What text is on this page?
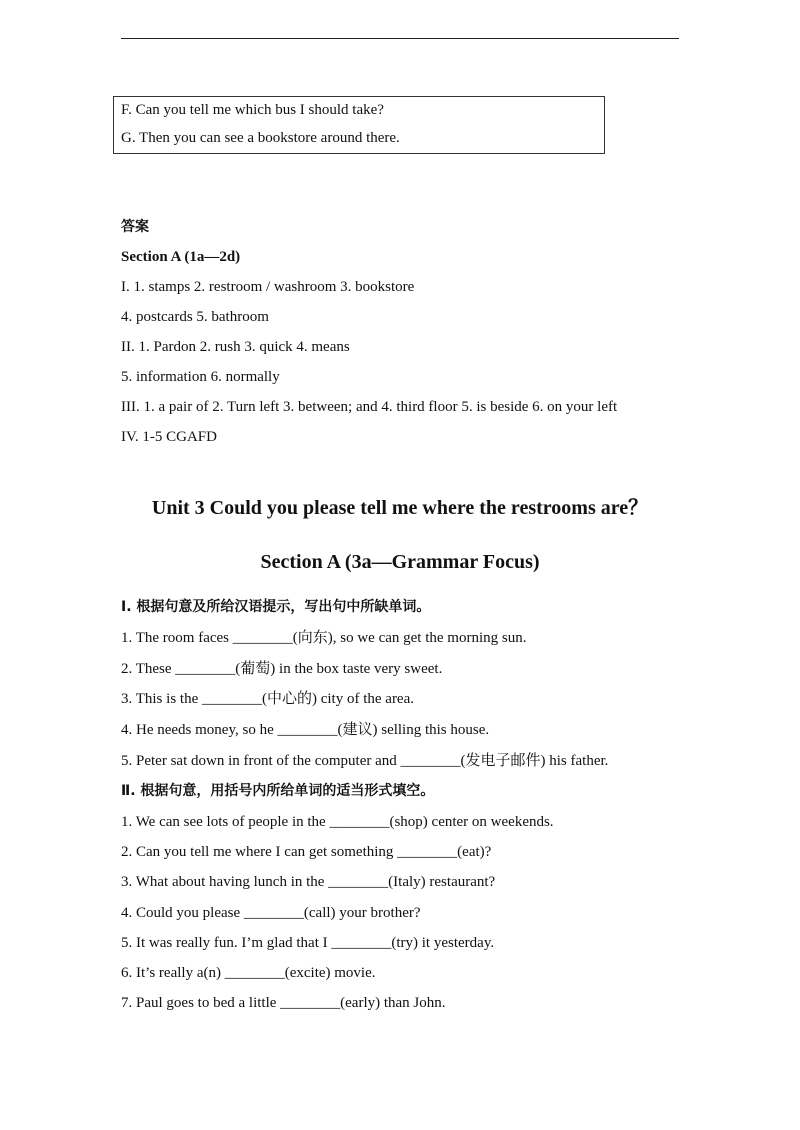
F. Can you tell me which bus I should take?
G. Then you can see a bookstore around there.
答案
Section A (1a—2d)
I. 1. stamps 2. restroom / washroom 3. bookstore
4. postcards 5. bathroom
II. 1. Pardon 2. rush 3. quick 4. means
5. information 6. normally
III. 1. a pair of 2. Turn left 3. between; and 4. third floor 5. is beside 6. on your left
IV. 1-5 CGAFD
Unit 3 Could you please tell me where the restrooms are？
Section A (3a—Grammar Focus)
Ⅰ. 根据句意及所给汉语提示，写出句中所缺单词。
1. The room faces ________(向东), so we can get the morning sun.
2. These ________(葡萄) in the box taste very sweet.
3. This is the ________(中心的) city of the area.
4. He needs money, so he ________(建议) selling this house.
5. Peter sat down in front of the computer and ________(发电子邮件) his father.
Ⅱ. 根据句意，用括号内所给单词的适当形式填空。
1. We can see lots of people in the ________(shop) center on weekends.
2. Can you tell me where I can get something ________(eat)?
3. What about having lunch in the ________(Italy) restaurant?
4. Could you please ________(call) your brother?
5. It was really fun. I’m glad that I ________(try) it yesterday.
6. It’s really a(n) ________(excite) movie.
7. Paul goes to bed a little ________(early) than John.
